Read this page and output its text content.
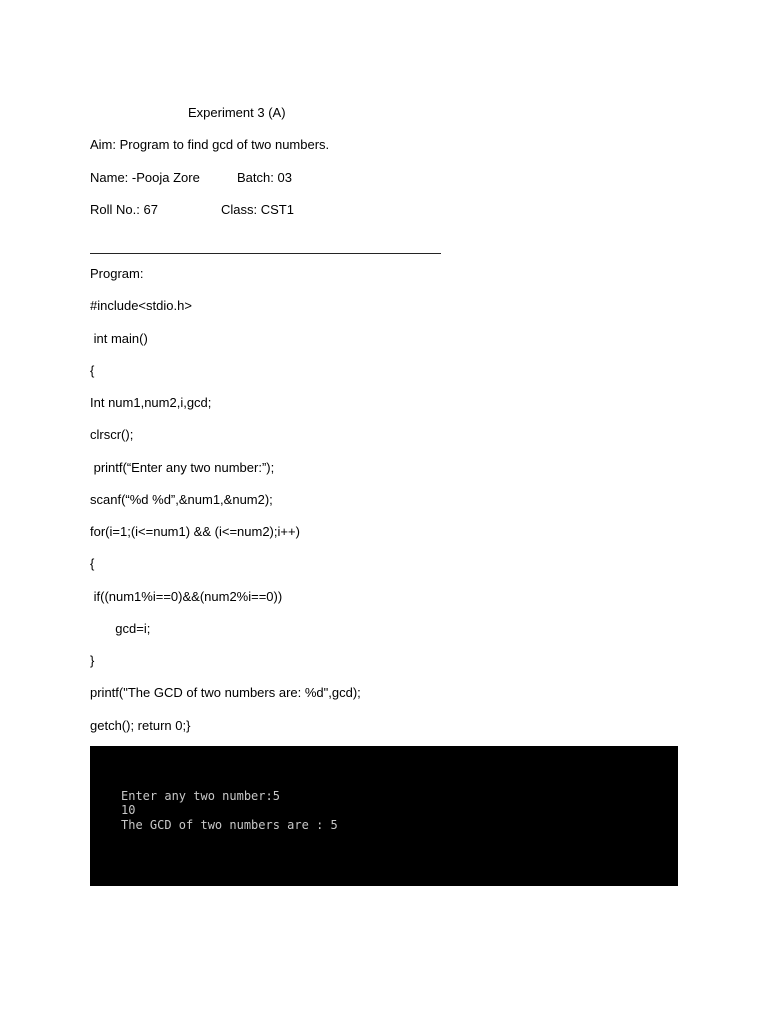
Experiment 3 (A)

Aim: Program to find gcd of two numbers.

Name: -Pooja Zore	Batch: 03

Roll No.: 67	Class: CST1

———————————————————————————

Program:

#include<stdio.h>

int main()

{

Int num1,num2,i,gcd;

clrscr();

printf(“Enter any two number:”);

scanf(“%d %d”,&num1,&num2);

for(i=1;(i<=num1) && (i<=num2);i++)

{

if((num1%i==0)&&(num2%i==0))

gcd=i;

}

printf("The GCD of two numbers are: %d",gcd);

getch(); return 0;}

Enter any two number:5
10
The GCD of two numbers are : 5
